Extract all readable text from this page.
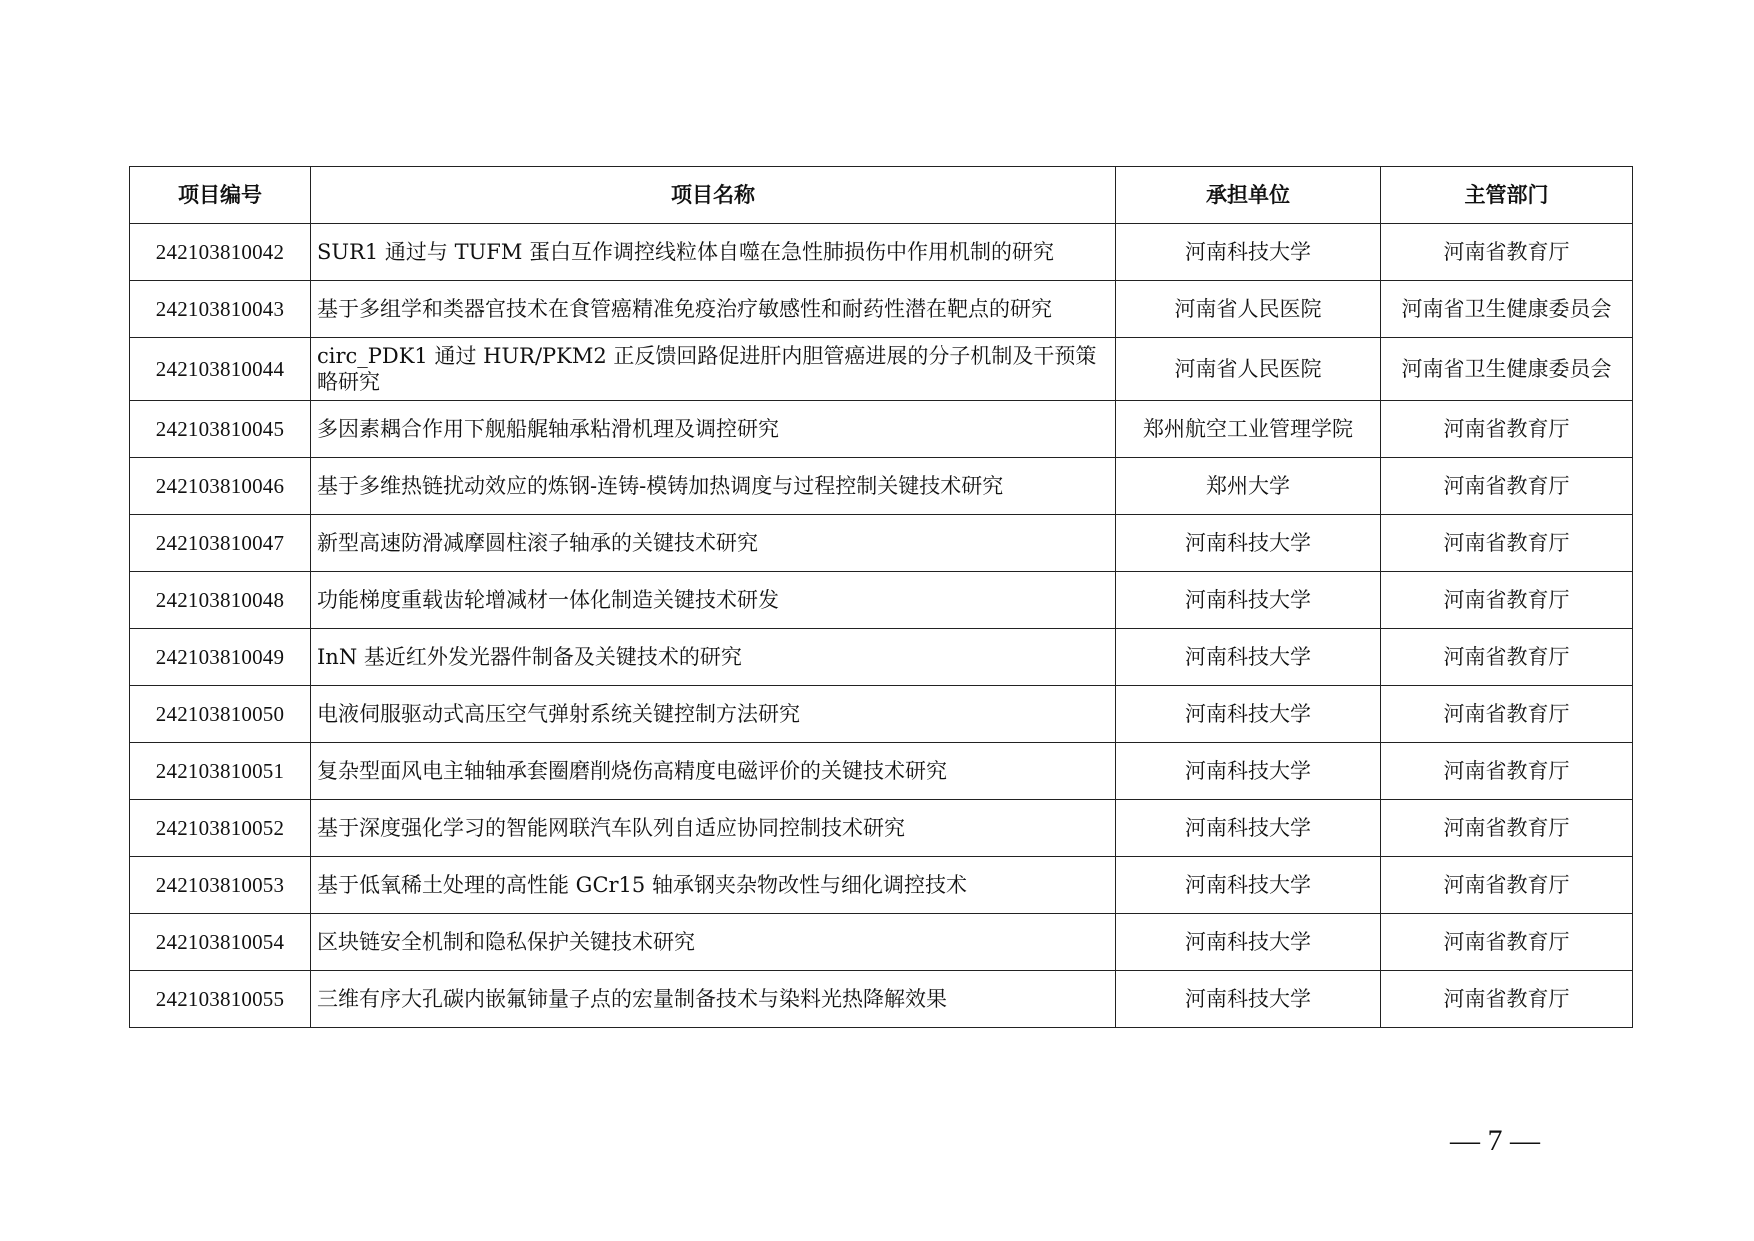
项目编号	项目名称	承担单位	主管部门
242103810042	SUR1 通过与 TUFM 蛋白互作调控线粒体自噬在急性肺损伤中作用机制的研究	河南科技大学	河南省教育厅
242103810043	基于多组学和类器官技术在食管癌精准免疫治疗敏感性和耐药性潜在靶点的研究	河南省人民医院	河南省卫生健康委员会
242103810044	circ_PDK1 通过 HUR/PKM2 正反馈回路促进肝内胆管癌进展的分子机制及干预策略研究	河南省人民医院	河南省卫生健康委员会
242103810045	多因素耦合作用下舰船艉轴承粘滑机理及调控研究	郑州航空工业管理学院	河南省教育厅
242103810046	基于多维热链扰动效应的炼钢-连铸-模铸加热调度与过程控制关键技术研究	郑州大学	河南省教育厅
242103810047	新型高速防滑减摩圆柱滚子轴承的关键技术研究	河南科技大学	河南省教育厅
242103810048	功能梯度重载齿轮增减材一体化制造关键技术研发	河南科技大学	河南省教育厅
242103810049	InN 基近红外发光器件制备及关键技术的研究	河南科技大学	河南省教育厅
242103810050	电液伺服驱动式高压空气弹射系统关键控制方法研究	河南科技大学	河南省教育厅
242103810051	复杂型面风电主轴轴承套圈磨削烧伤高精度电磁评价的关键技术研究	河南科技大学	河南省教育厅
242103810052	基于深度强化学习的智能网联汽车队列自适应协同控制技术研究	河南科技大学	河南省教育厅
242103810053	基于低氧稀土处理的高性能 GCr15 轴承钢夹杂物改性与细化调控技术	河南科技大学	河南省教育厅
242103810054	区块链安全机制和隐私保护关键技术研究	河南科技大学	河南省教育厅
242103810055	三维有序大孔碳内嵌氟铈量子点的宏量制备技术与染料光热降解效果	河南科技大学	河南省教育厅
— 7 —
